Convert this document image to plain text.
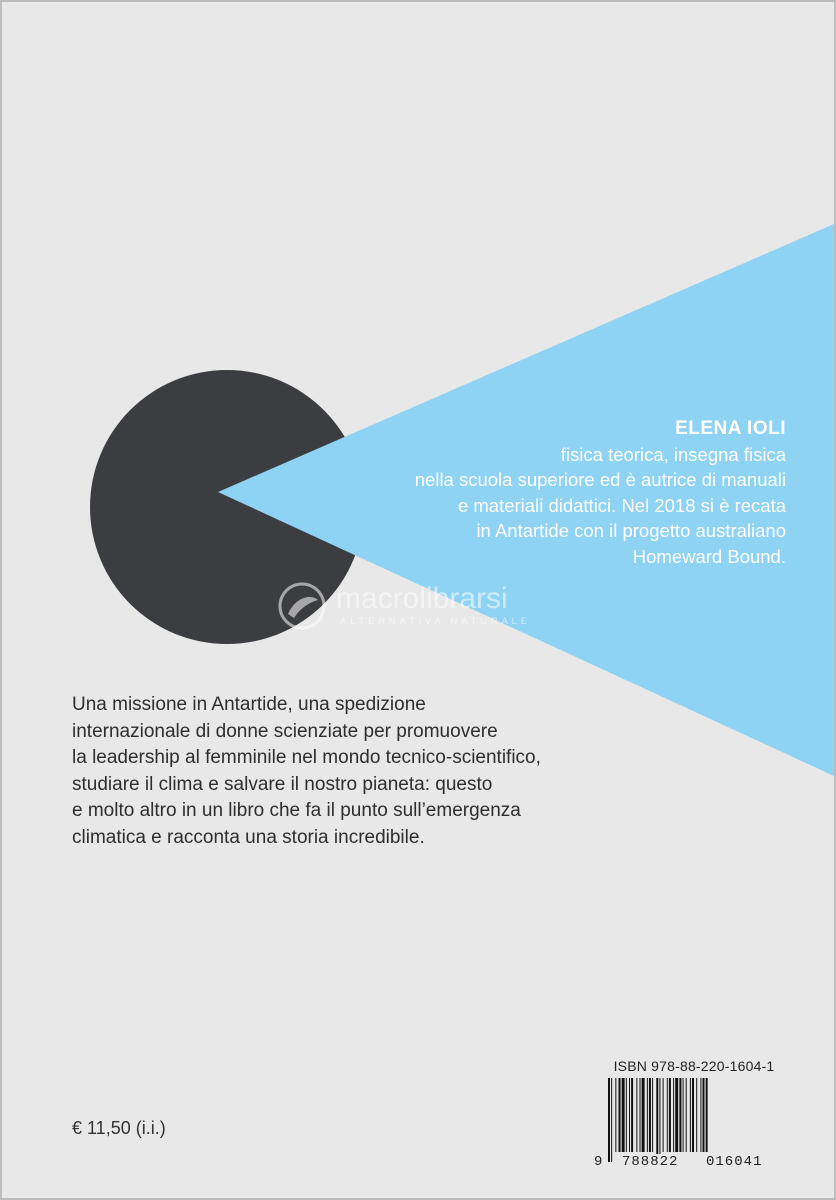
ELENA IOLI
fisica teorica, insegna fisica
nella scuola superiore ed è autrice di manuali
e materiali didattici. Nel 2018 si è recata
in Antartide con il progetto australiano
Homeward Bound.
macrolibrarsi
ALTERNATIVA NATURALE
Una missione in Antartide, una spedizione
internazionale di donne scienziate per promuovere
la leadership al femminile nel mondo tecnico-scientifico,
studiare il clima e salvare il nostro pianeta: questo
e molto altro in un libro che fa il punto sull’emergenza
climatica e racconta una storia incredibile.
€ 11,50 (i.i.)
ISBN 978-88-220-1604-1
9 788822 016041
